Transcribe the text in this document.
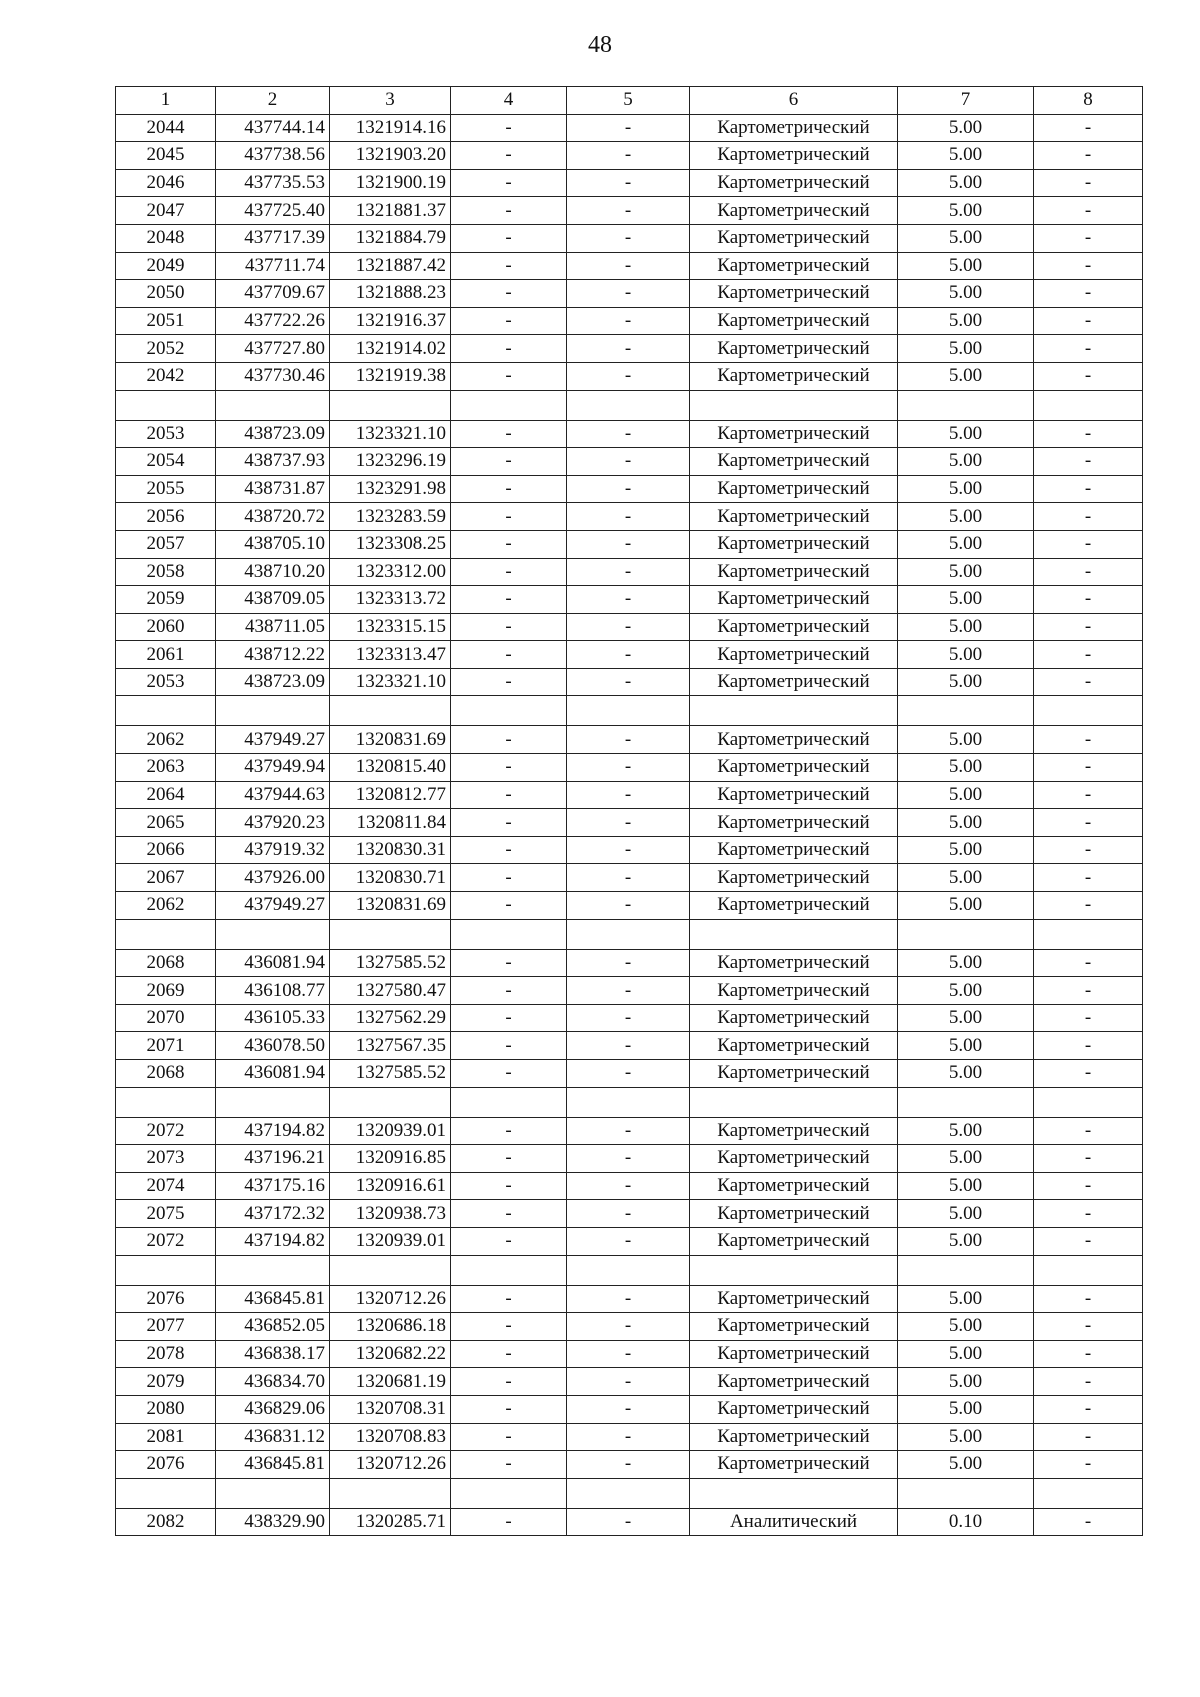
48
1	2	3	4	5	6	7	8
2044	437744.14	1321914.16	-	-	Картометрический	5.00	-
2045	437738.56	1321903.20	-	-	Картометрический	5.00	-
2046	437735.53	1321900.19	-	-	Картометрический	5.00	-
2047	437725.40	1321881.37	-	-	Картометрический	5.00	-
2048	437717.39	1321884.79	-	-	Картометрический	5.00	-
2049	437711.74	1321887.42	-	-	Картометрический	5.00	-
2050	437709.67	1321888.23	-	-	Картометрический	5.00	-
2051	437722.26	1321916.37	-	-	Картометрический	5.00	-
2052	437727.80	1321914.02	-	-	Картометрический	5.00	-
2042	437730.46	1321919.38	-	-	Картометрический	5.00	-

2053	438723.09	1323321.10	-	-	Картометрический	5.00	-
2054	438737.93	1323296.19	-	-	Картометрический	5.00	-
2055	438731.87	1323291.98	-	-	Картометрический	5.00	-
2056	438720.72	1323283.59	-	-	Картометрический	5.00	-
2057	438705.10	1323308.25	-	-	Картометрический	5.00	-
2058	438710.20	1323312.00	-	-	Картометрический	5.00	-
2059	438709.05	1323313.72	-	-	Картометрический	5.00	-
2060	438711.05	1323315.15	-	-	Картометрический	5.00	-
2061	438712.22	1323313.47	-	-	Картометрический	5.00	-
2053	438723.09	1323321.10	-	-	Картометрический	5.00	-

2062	437949.27	1320831.69	-	-	Картометрический	5.00	-
2063	437949.94	1320815.40	-	-	Картометрический	5.00	-
2064	437944.63	1320812.77	-	-	Картометрический	5.00	-
2065	437920.23	1320811.84	-	-	Картометрический	5.00	-
2066	437919.32	1320830.31	-	-	Картометрический	5.00	-
2067	437926.00	1320830.71	-	-	Картометрический	5.00	-
2062	437949.27	1320831.69	-	-	Картометрический	5.00	-

2068	436081.94	1327585.52	-	-	Картометрический	5.00	-
2069	436108.77	1327580.47	-	-	Картометрический	5.00	-
2070	436105.33	1327562.29	-	-	Картометрический	5.00	-
2071	436078.50	1327567.35	-	-	Картометрический	5.00	-
2068	436081.94	1327585.52	-	-	Картометрический	5.00	-

2072	437194.82	1320939.01	-	-	Картометрический	5.00	-
2073	437196.21	1320916.85	-	-	Картометрический	5.00	-
2074	437175.16	1320916.61	-	-	Картометрический	5.00	-
2075	437172.32	1320938.73	-	-	Картометрический	5.00	-
2072	437194.82	1320939.01	-	-	Картометрический	5.00	-

2076	436845.81	1320712.26	-	-	Картометрический	5.00	-
2077	436852.05	1320686.18	-	-	Картометрический	5.00	-
2078	436838.17	1320682.22	-	-	Картометрический	5.00	-
2079	436834.70	1320681.19	-	-	Картометрический	5.00	-
2080	436829.06	1320708.31	-	-	Картометрический	5.00	-
2081	436831.12	1320708.83	-	-	Картометрический	5.00	-
2076	436845.81	1320712.26	-	-	Картометрический	5.00	-

2082	438329.90	1320285.71	-	-	Аналитический	0.10	-
